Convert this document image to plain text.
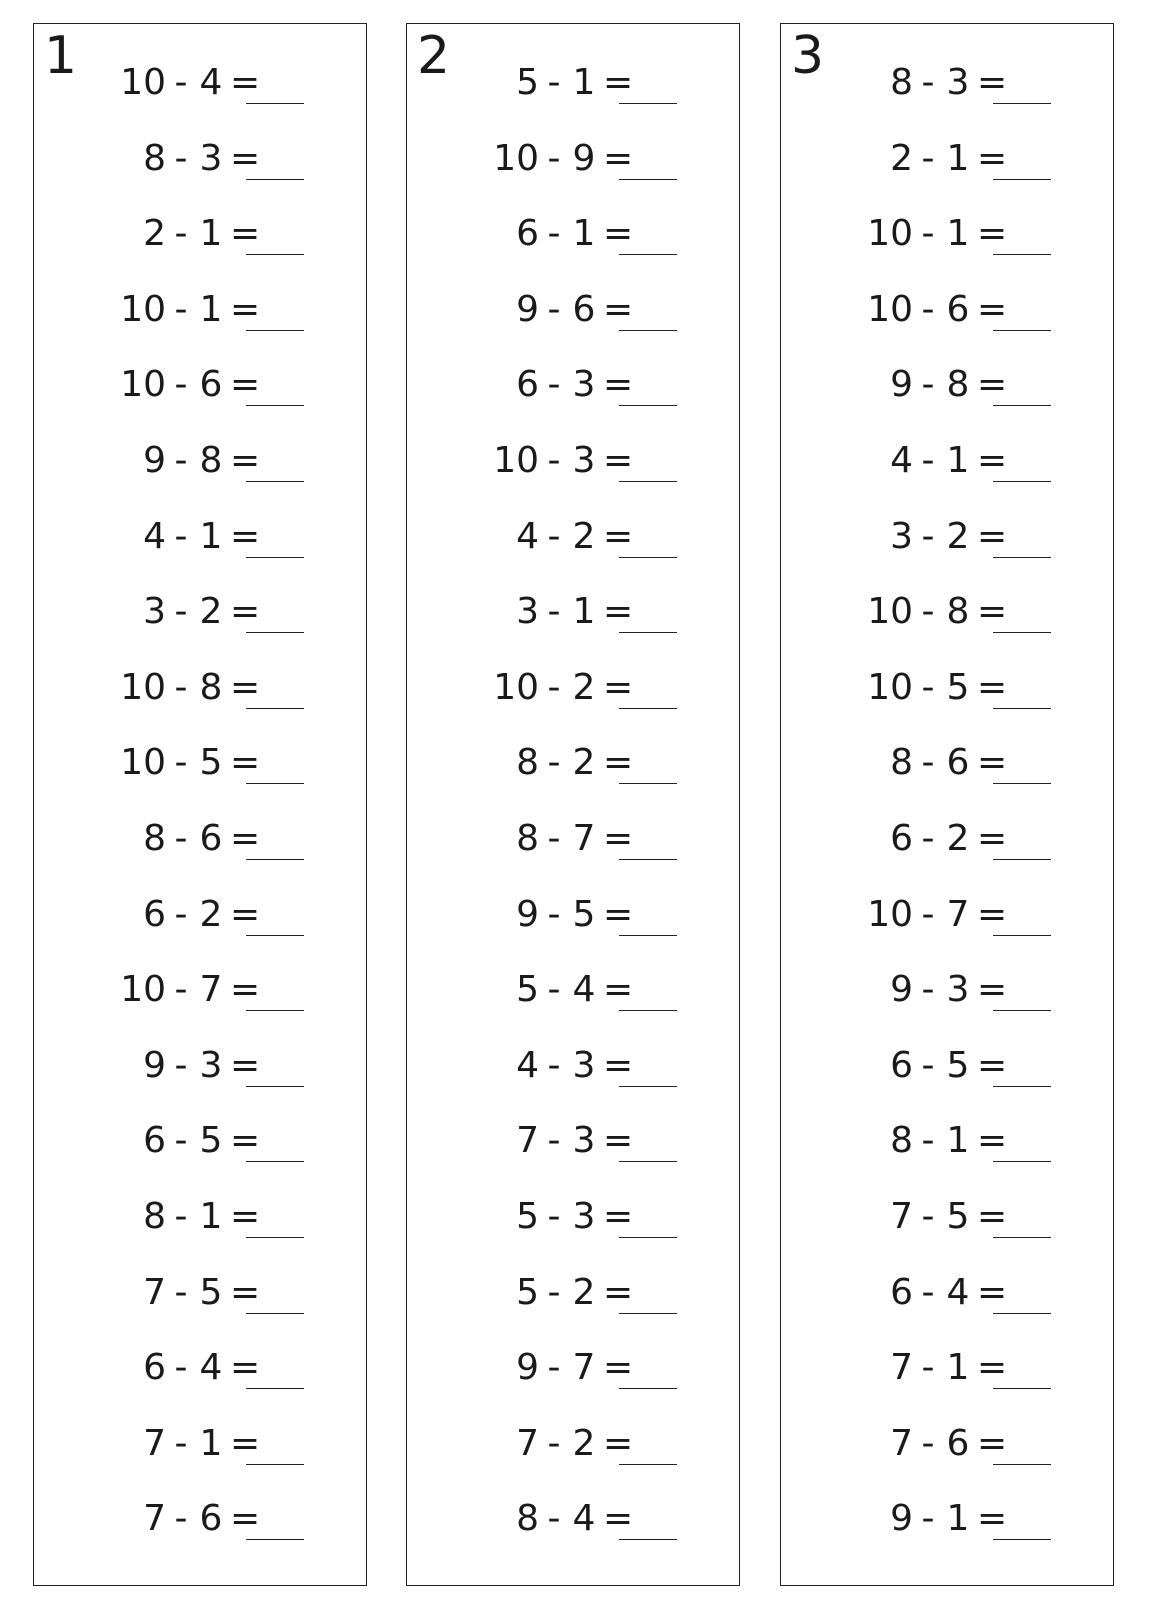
1	10 - 4 =
8 - 3 =
2 - 1 =
10 - 1 =
10 - 6 =
9 - 8 =
4 - 1 =
3 - 2 =
10 - 8 =
10 - 5 =
8 - 6 =
6 - 2 =
10 - 7 =
9 - 3 =
6 - 5 =
8 - 1 =
7 - 5 =
6 - 4 =
7 - 1 =
7 - 6 =
2	5 - 1 =
10 - 9 =
6 - 1 =
9 - 6 =
6 - 3 =
10 - 3 =
4 - 2 =
3 - 1 =
10 - 2 =
8 - 2 =
8 - 7 =
9 - 5 =
5 - 4 =
4 - 3 =
7 - 3 =
5 - 3 =
5 - 2 =
9 - 7 =
7 - 2 =
8 - 4 =
3	8 - 3 =
2 - 1 =
10 - 1 =
10 - 6 =
9 - 8 =
4 - 1 =
3 - 2 =
10 - 8 =
10 - 5 =
8 - 6 =
6 - 2 =
10 - 7 =
9 - 3 =
6 - 5 =
8 - 1 =
7 - 5 =
6 - 4 =
7 - 1 =
7 - 6 =
9 - 1 =
